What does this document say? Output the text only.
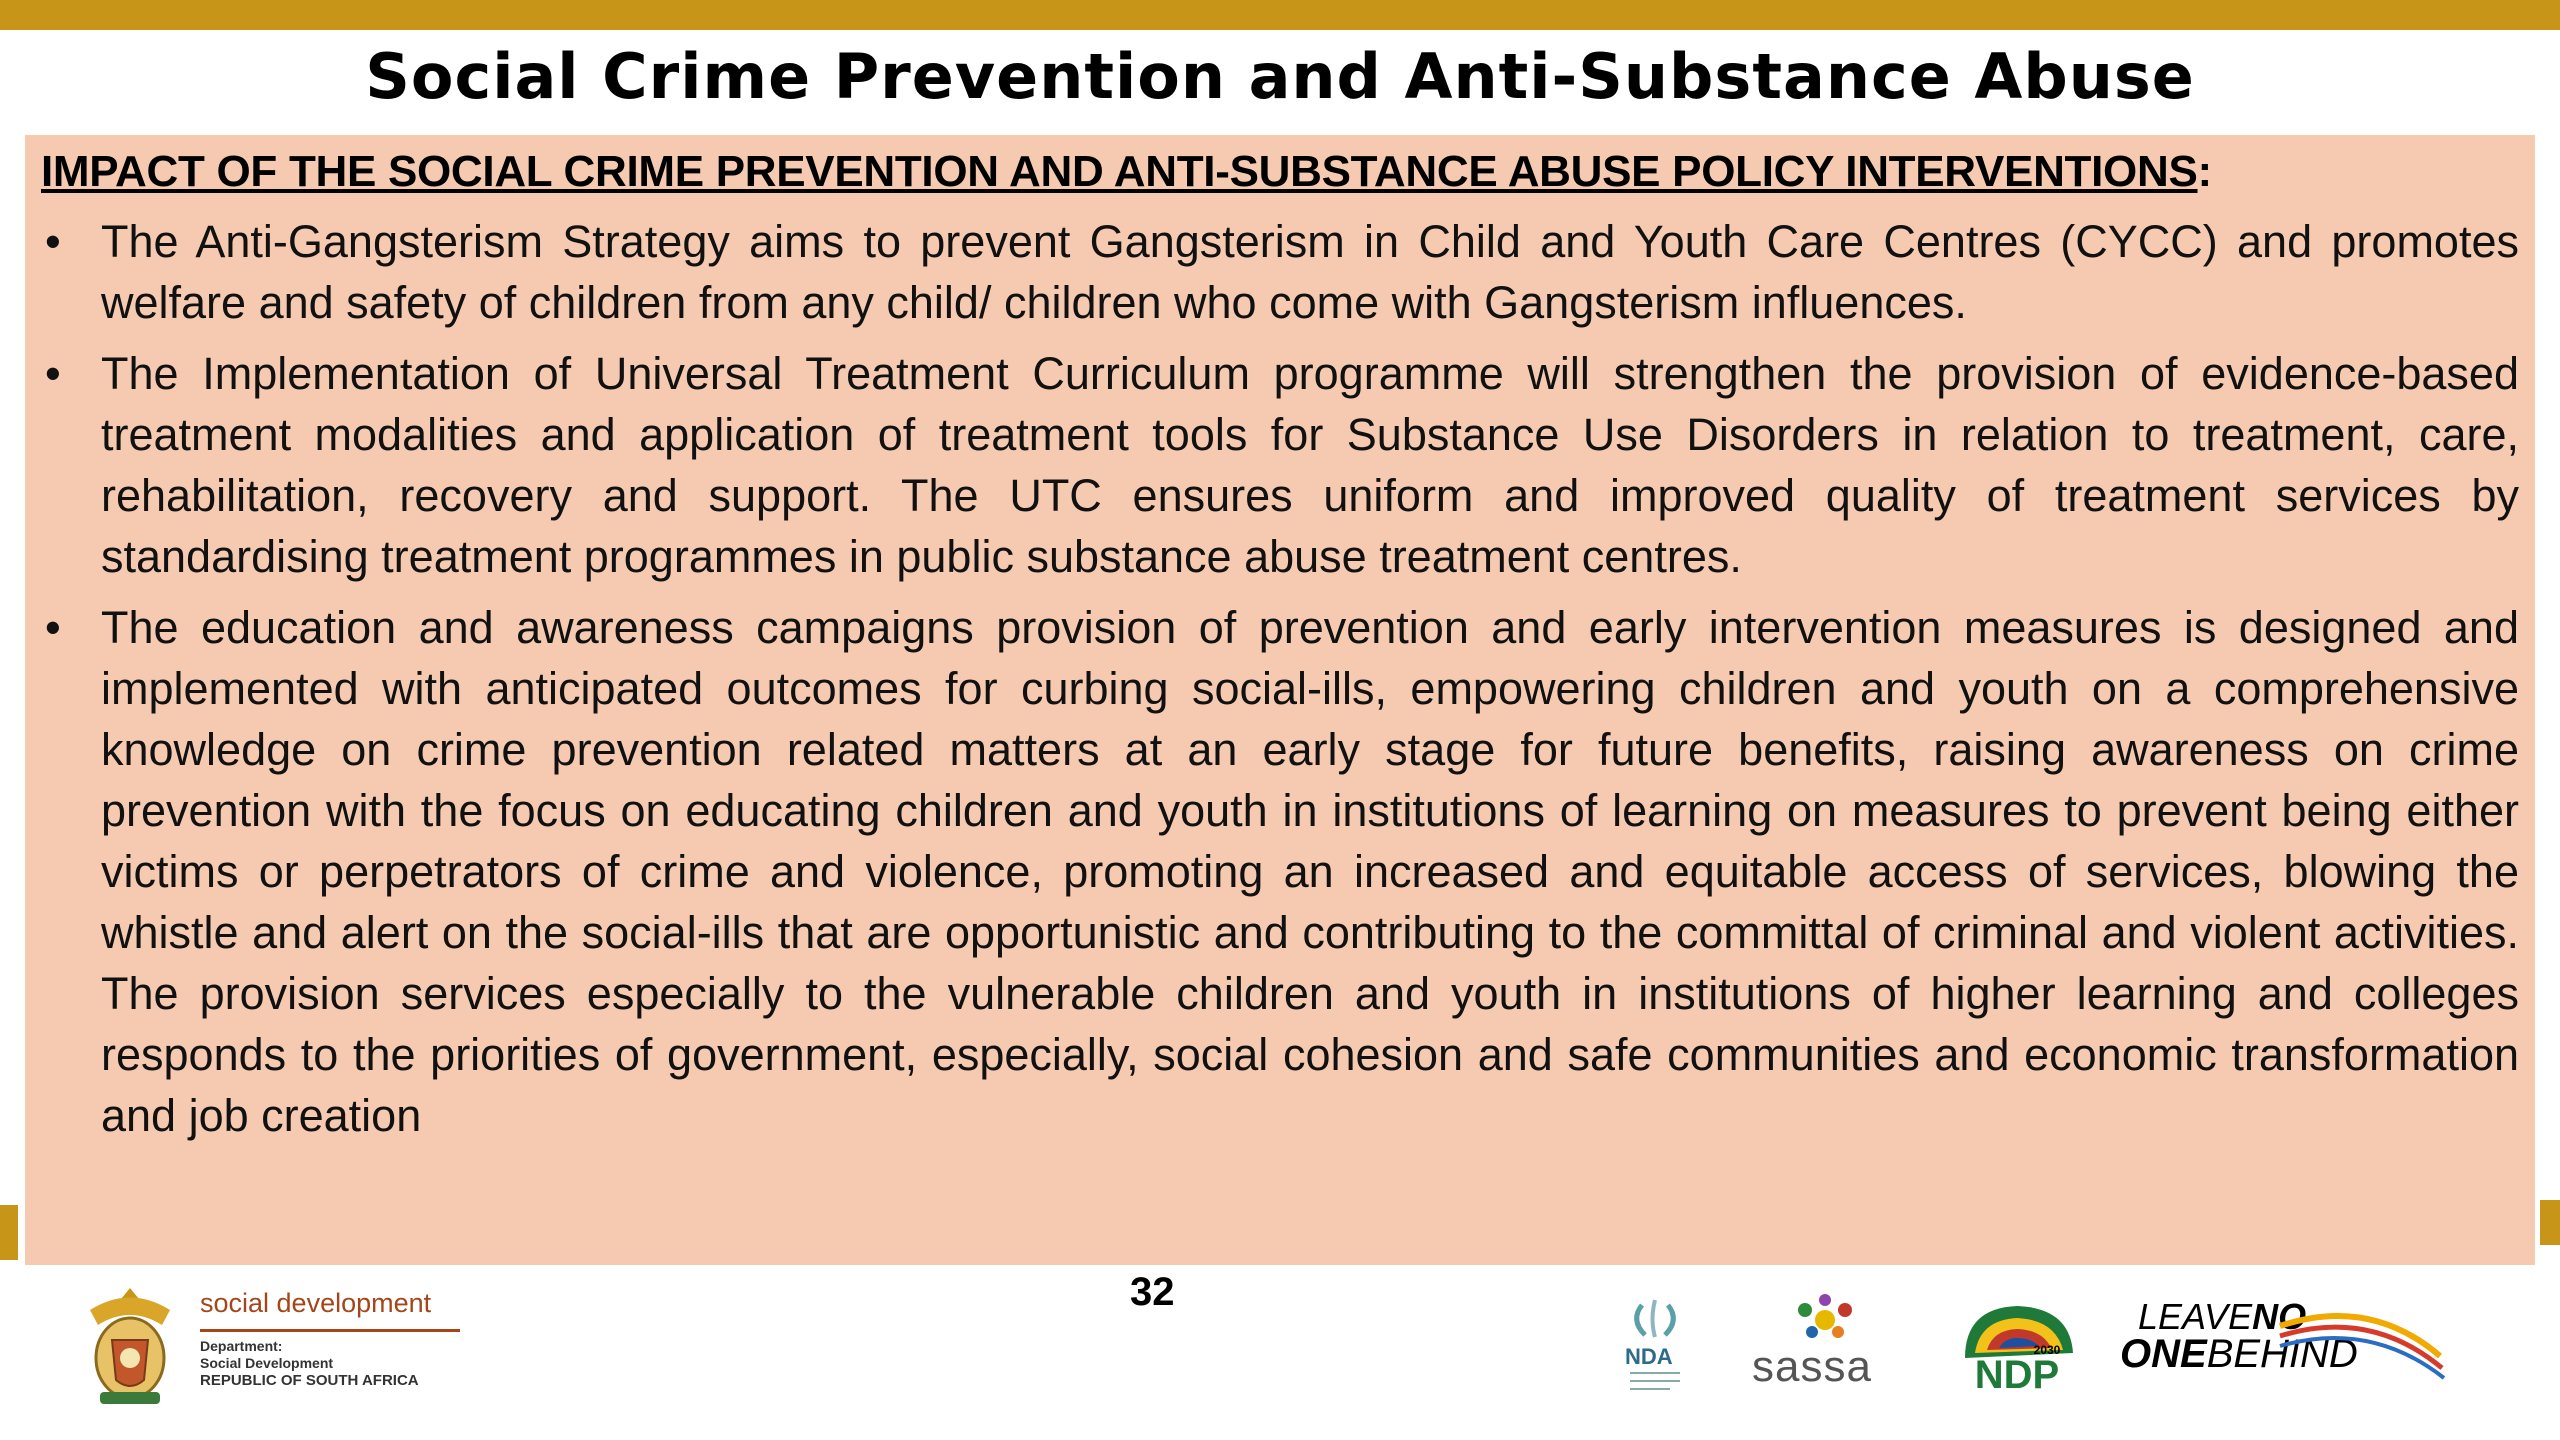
Social Crime Prevention and Anti-Substance Abuse
IMPACT OF THE SOCIAL CRIME PREVENTION AND ANTI-SUBSTANCE ABUSE POLICY INTERVENTIONS:
• The Anti-Gangsterism Strategy aims to prevent Gangsterism in Child and Youth Care Centres (CYCC) and promotes welfare and safety of children from any child/ children who come with Gangsterism influences.
• The Implementation of Universal Treatment Curriculum programme will strengthen the provision of evidence-based treatment modalities and application of treatment tools for Substance Use Disorders in relation to treatment, care, rehabilitation, recovery and support. The UTC ensures uniform and improved quality of treatment services by standardising treatment programmes in public substance abuse treatment centres.
• The education and awareness campaigns provision of prevention and early intervention measures is designed and implemented with anticipated outcomes for curbing social-ills, empowering children and youth on a comprehensive knowledge on crime prevention related matters at an early stage for future benefits, raising awareness on crime prevention with the focus on educating children and youth in institutions of learning on measures to prevent being either victims or perpetrators of crime and violence, promoting an increased and equitable access of services, blowing the whistle and alert on the social-ills that are opportunistic and contributing to the committal of criminal and violent activities. The provision services especially to the vulnerable children and youth in institutions of higher learning and colleges responds to the priorities of government, especially, social cohesion and safe communities and economic transformation and job creation
32
social development
Department:
Social Development
REPUBLIC OF SOUTH AFRICA
NDA sassa	NDP
2030
LEAVENO
ONEBEHIND
